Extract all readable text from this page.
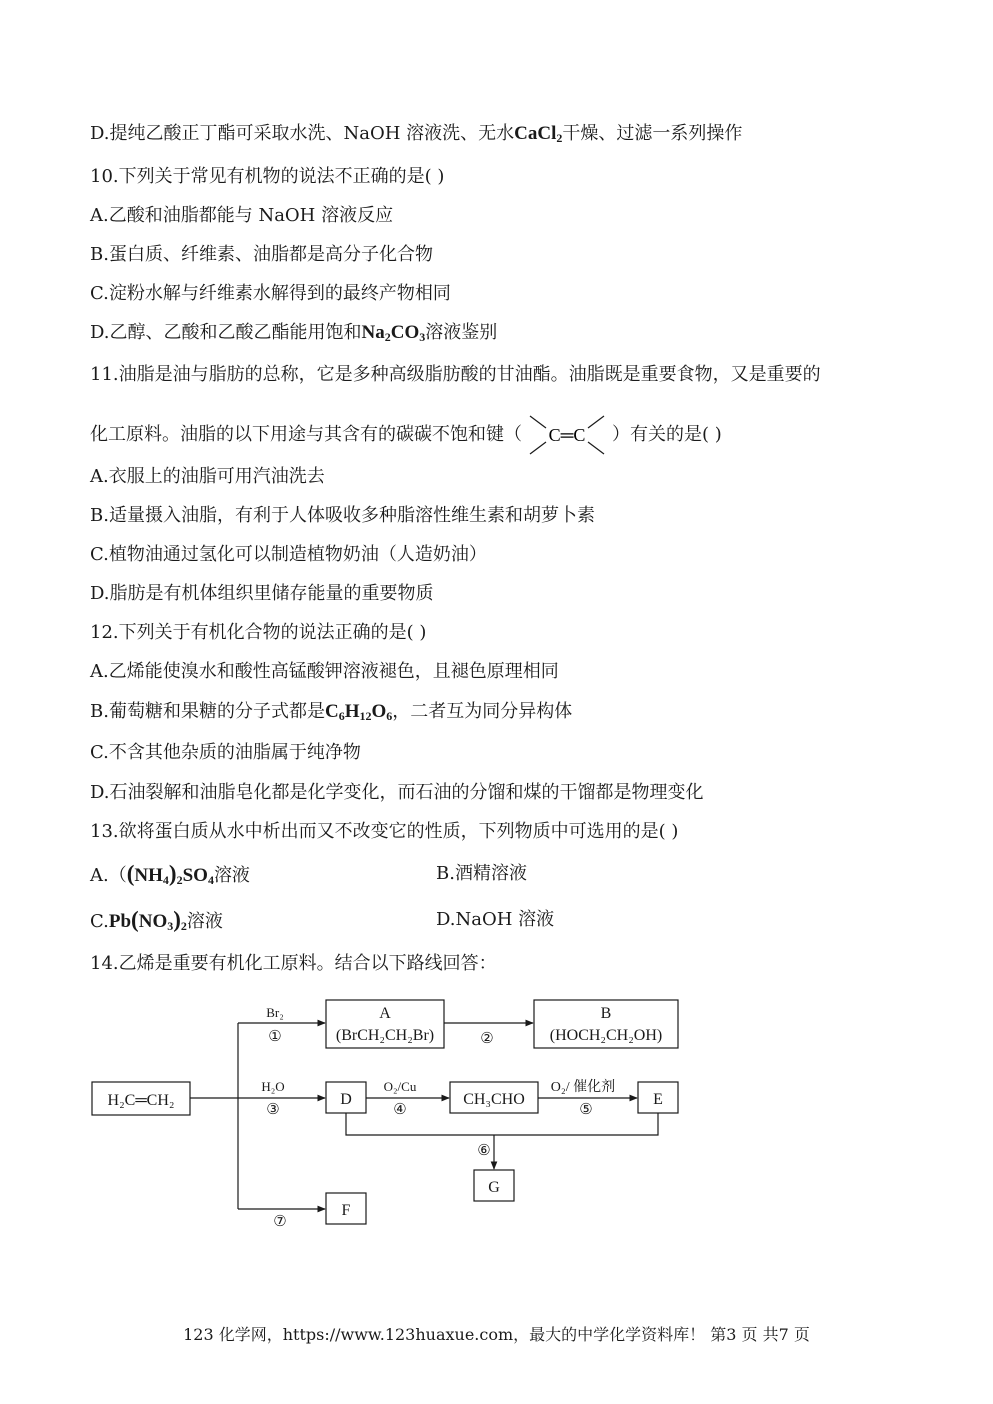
D.提纯乙酸正丁酯可采取水洗、NaOH 溶液洗、无水CaCl$_2$干燥、过滤一系列操作
10.下列关于常见有机物的说法不正确的是( )
A.乙酸和油脂都能与 NaOH 溶液反应
B.蛋白质、纤维素、油脂都是高分子化合物
C.淀粉水解与纤维素水解得到的最终产物相同
D.乙醇、乙酸和乙酸乙酯能用饱和$Na_2CO_3$溶液鉴别
11.油脂是油与脂肪的总称，它是多种高级脂肪酸的甘油酯。油脂既是重要食物，又是重要的
化工原料。油脂的以下用途与其含有的碳碳不饱和键（ C═C ）有关的是( )
A.衣服上的油脂可用汽油洗去
B.适量摄入油脂，有利于人体吸收多种脂溶性维生素和胡萝卜素
C.植物油通过氢化可以制造植物奶油（人造奶油）
D.脂肪是有机体组织里储存能量的重要物质
12.下列关于有机化合物的说法正确的是( )
A.乙烯能使溴水和酸性高锰酸钾溶液褪色，且褪色原理相同
B.葡萄糖和果糖的分子式都是$C_6H_{12}O_6$，二者互为同分异构体
C.不含其他杂质的油脂属于纯净物
D.石油裂解和油脂皂化都是化学变化，而石油的分馏和煤的干馏都是物理变化
13.欲将蛋白质从水中析出而又不改变它的性质，下列物质中可选用的是( )
$A.((NH_4)_2SO_4$溶液	B.酒精溶液
$C.Pb(NO_3)_2$溶液	D.NaOH 溶液
14.乙烯是重要有机化工原料。结合以下路线回答：
H₂C═CH₂
A
(BrCH₂CH₂Br)
B
(HOCH₂CH₂OH)
D	CH₃CHO	E
G
F
Br₂
①	②
H₂O
③
O₂/Cu
④
O₂/ 催化剂
⑤
⑥
⑦
123 化学网，https://www.123huaxue.com，最大的中学化学资料库！ 第3 页 共7 页
